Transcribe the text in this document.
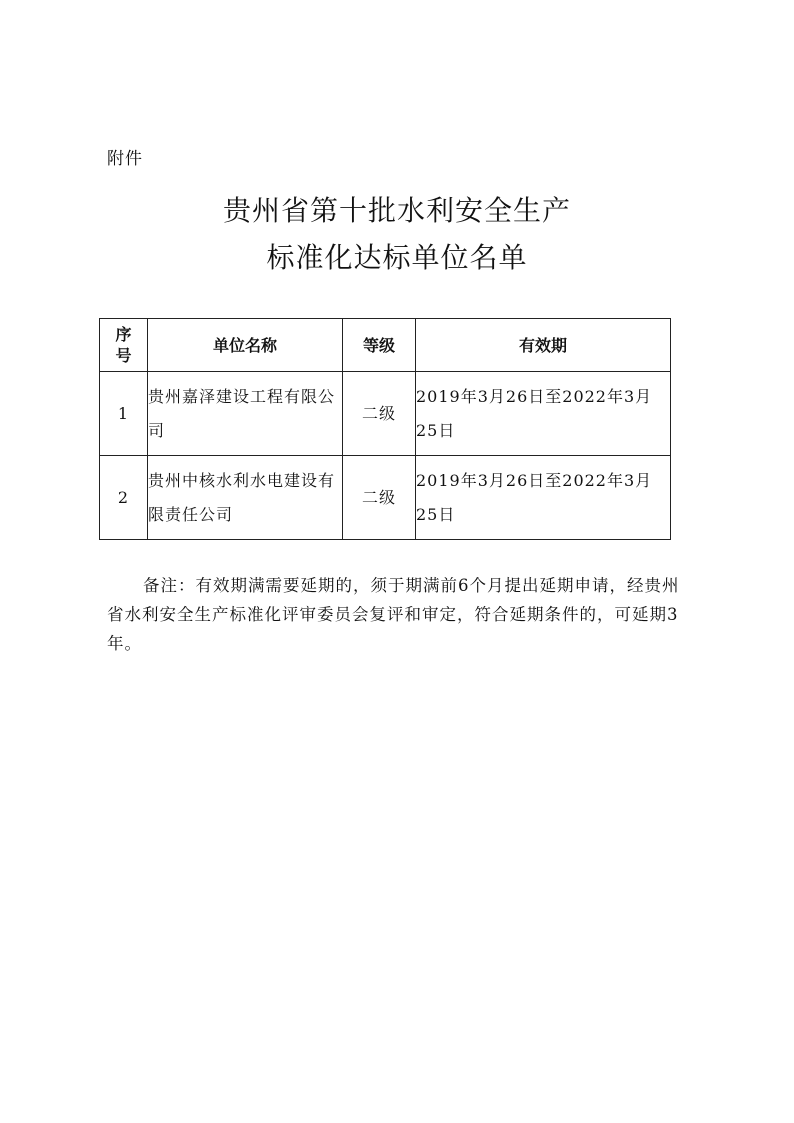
附件
贵州省第十批水利安全生产
标准化达标单位名单
序号	单位名称	等级	有效期
1	贵州嘉泽建设工程有限公司	二级	2019年3月26日至2022年3月25日
2	贵州中核水利水电建设有限责任公司	二级	2019年3月26日至2022年3月25日

备注：有效期满需要延期的，须于期满前6个月提出延期申请，经贵州省水利安全生产标准化评审委员会复评和审定，符合延期条件的，可延期3年。
